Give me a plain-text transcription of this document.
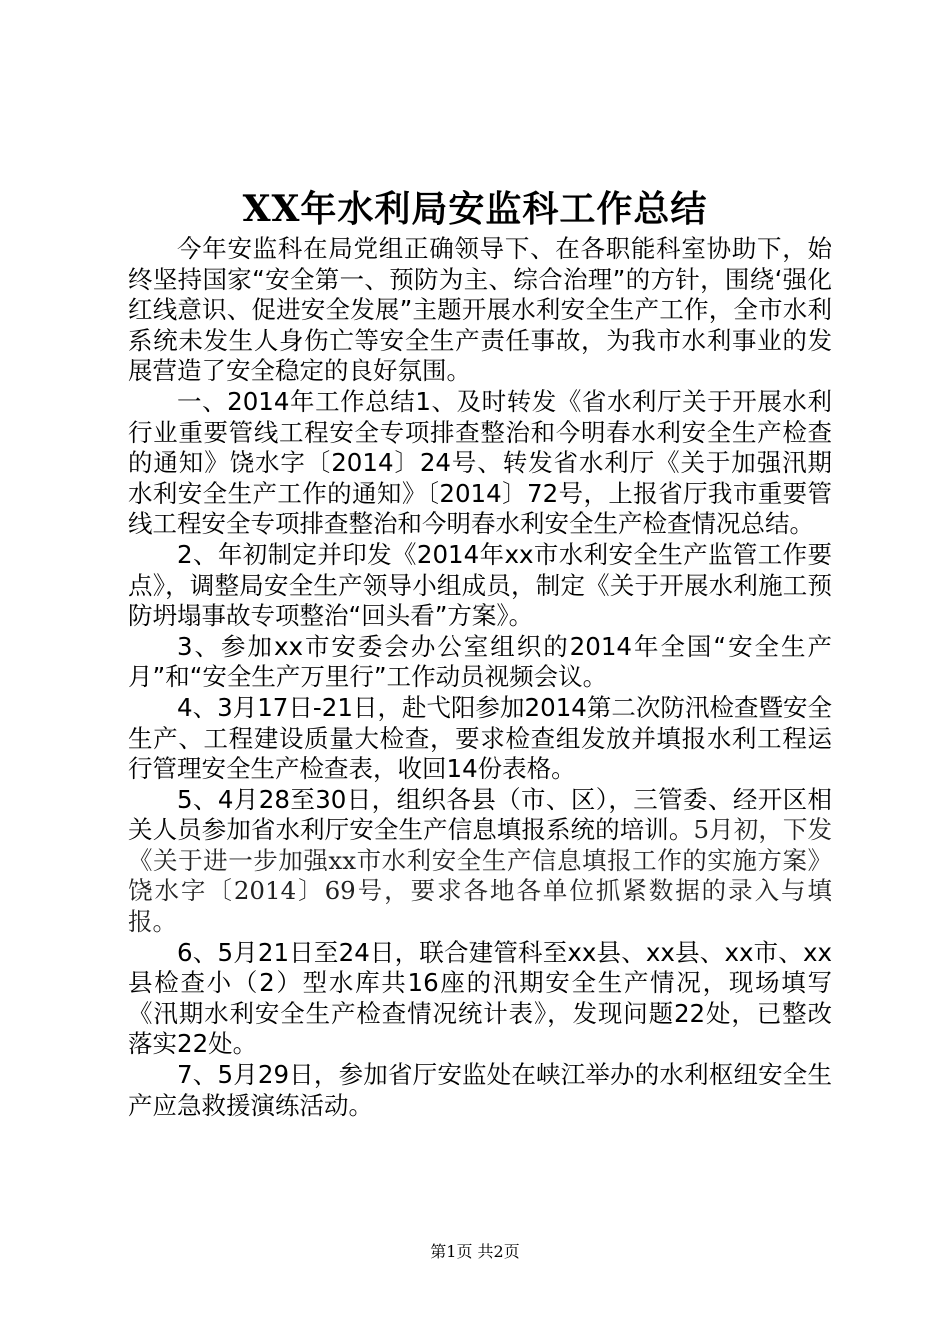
XX年水利局安监科工作总结

今年安监科在局党组正确领导下、在各职能科室协助下，始终坚持国家“安全第一、预防为主、综合治理”的方针，围绕‘强化红线意识、促进安全发展”主题开展水利安全生产工作，全市水利系统未发生人身伤亡等安全生产责任事故，为我市水利事业的发展营造了安全稳定的良好氛围。

一、2014年工作总结1、及时转发《省水利厅关于开展水利行业重要管线工程安全专项排查整治和今明春水利安全生产检查的通知》饶水字〔2014〕24号、转发省水利厅《关于加强汛期水利安全生产工作的通知》〔2014〕72号，上报省厅我市重要管线工程安全专项排查整治和今明春水利安全生产检查情况总结。

2、年初制定并印发《2014年xx市水利安全生产监管工作要点》，调整局安全生产领导小组成员，制定《关于开展水利施工预防坍塌事故专项整治“回头看”方案》。

3、参加xx市安委会办公室组织的2014年全国“安全生产月”和“安全生产万里行”工作动员视频会议。

4、3月17日-21日，赴弋阳参加2014第二次防汛检查暨安全生产、工程建设质量大检查，要求检查组发放并填报水利工程运行管理安全生产检查表，收回14份表格。

5、4月28至30日，组织各县（市、区），三管委、经开区相关人员参加省水利厅安全生产信息填报系统的培训。5月初，下发《关于进一步加强xx市水利安全生产信息填报工作的实施方案》饶水字〔2014〕69号，要求各地各单位抓紧数据的录入与填报。

6、5月21日至24日，联合建管科至xx县、xx县、xx市、xx县检查小（2）型水库共16座的汛期安全生产情况，现场填写《汛期水利安全生产检查情况统计表》，发现问题22处，已整改落实22处。

7、5月29日，参加省厅安监处在峡江举办的水利枢纽安全生产应急救援演练活动。

第1页 共2页
